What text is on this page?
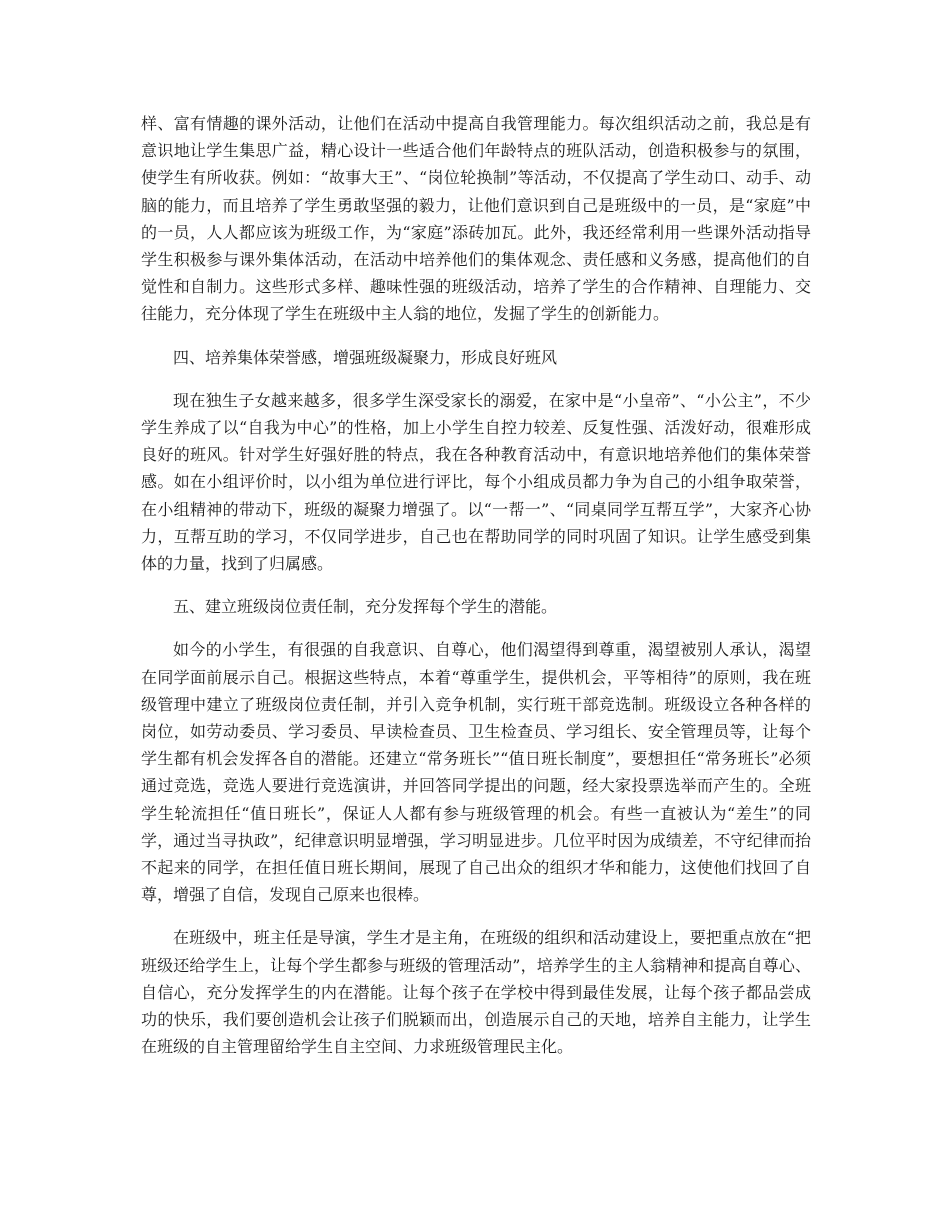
样、富有情趣的课外活动，让他们在活动中提高自我管理能力。每次组织活动之前，我总是有意识地让学生集思广益，精心设计一些适合他们年龄特点的班队活动，创造积极参与的氛围，使学生有所收获。例如：“故事大王”、“岗位轮换制”等活动，不仅提高了学生动口、动手、动脑的能力，而且培养了学生勇敢坚强的毅力，让他们意识到自己是班级中的一员，是“家庭”中的一员，人人都应该为班级工作，为“家庭”添砖加瓦。此外，我还经常利用一些课外活动指导学生积极参与课外集体活动，在活动中培养他们的集体观念、责任感和义务感，提高他们的自觉性和自制力。这些形式多样、趣味性强的班级活动，培养了学生的合作精神、自理能力、交往能力，充分体现了学生在班级中主人翁的地位，发掘了学生的创新能力。

四、培养集体荣誉感，增强班级凝聚力，形成良好班风

现在独生子女越来越多，很多学生深受家长的溺爱，在家中是“小皇帝”、“小公主”，不少学生养成了以“自我为中心”的性格，加上小学生自控力较差、反复性强、活泼好动，很难形成良好的班风。针对学生好强好胜的特点，我在各种教育活动中，有意识地培养他们的集体荣誉感。如在小组评价时，以小组为单位进行评比，每个小组成员都力争为自己的小组争取荣誉，在小组精神的带动下，班级的凝聚力增强了。以“一帮一”、“同桌同学互帮互学”，大家齐心协力，互帮互助的学习，不仅同学进步，自己也在帮助同学的同时巩固了知识。让学生感受到集体的力量，找到了归属感。

五、建立班级岗位责任制，充分发挥每个学生的潜能。

如今的小学生，有很强的自我意识、自尊心，他们渴望得到尊重，渴望被别人承认，渴望在同学面前展示自己。根据这些特点，本着“尊重学生，提供机会，平等相待”的原则，我在班级管理中建立了班级岗位责任制，并引入竞争机制，实行班干部竞选制。班级设立各种各样的岗位，如劳动委员、学习委员、早读检查员、卫生检查员、学习组长、安全管理员等，让每个学生都有机会发挥各自的潜能。还建立“常务班长”“值日班长制度”，要想担任“常务班长”必须通过竞选，竞选人要进行竞选演讲，并回答同学提出的问题，经大家投票选举而产生的。全班学生轮流担任“值日班长”，保证人人都有参与班级管理的机会。有些一直被认为“差生”的同学，通过当寻执政”，纪律意识明显增强，学习明显进步。几位平时因为成绩差，不守纪律而抬不起来的同学，在担任值日班长期间，展现了自己出众的组织才华和能力，这使他们找回了自尊，增强了自信，发现自己原来也很棒。

在班级中，班主任是导演，学生才是主角，在班级的组织和活动建设上，要把重点放在“把班级还给学生上，让每个学生都参与班级的管理活动”，培养学生的主人翁精神和提高自尊心、自信心，充分发挥学生的内在潜能。让每个孩子在学校中得到最佳发展，让每个孩子都品尝成功的快乐，我们要创造机会让孩子们脱颖而出，创造展示自己的天地，培养自主能力，让学生在班级的自主管理留给学生自主空间、力求班级管理民主化。
